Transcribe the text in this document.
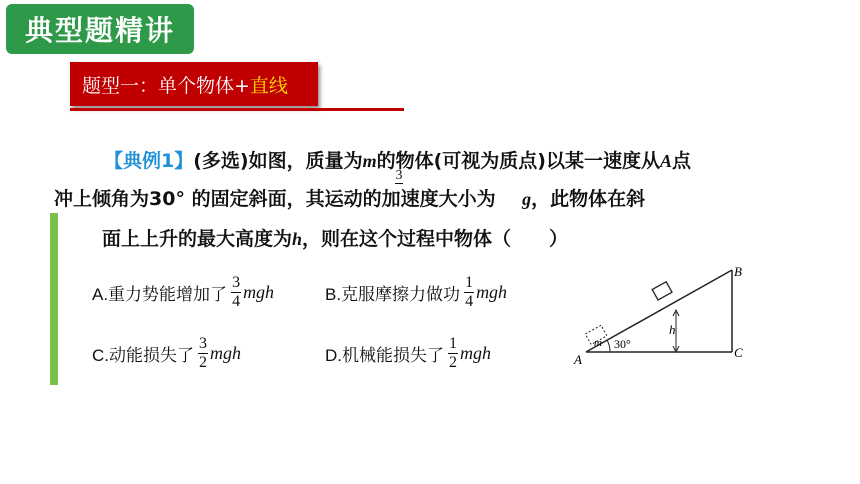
典型题精讲
题型一：单个物体+ 直线
【典例1】(多选)如图，质量为m的物体(可视为质点)以某一速度从A点
3
冲上倾角为30° 的固定斜面，其运动的加速度大小为 g，此物体在斜
面上上升的最大高度为h，则在这个过程中物体（　　）
A.重力势能增加了 $\frac{3}{4}$ mgh	B.克服摩擦力做功 $\frac{1}{4}$ mgh
C.动能损失了 $\frac{3}{2}$ mgh	D.机械能损失了 $\frac{1}{2}$ mgh
h
m 30°
A
B
C
